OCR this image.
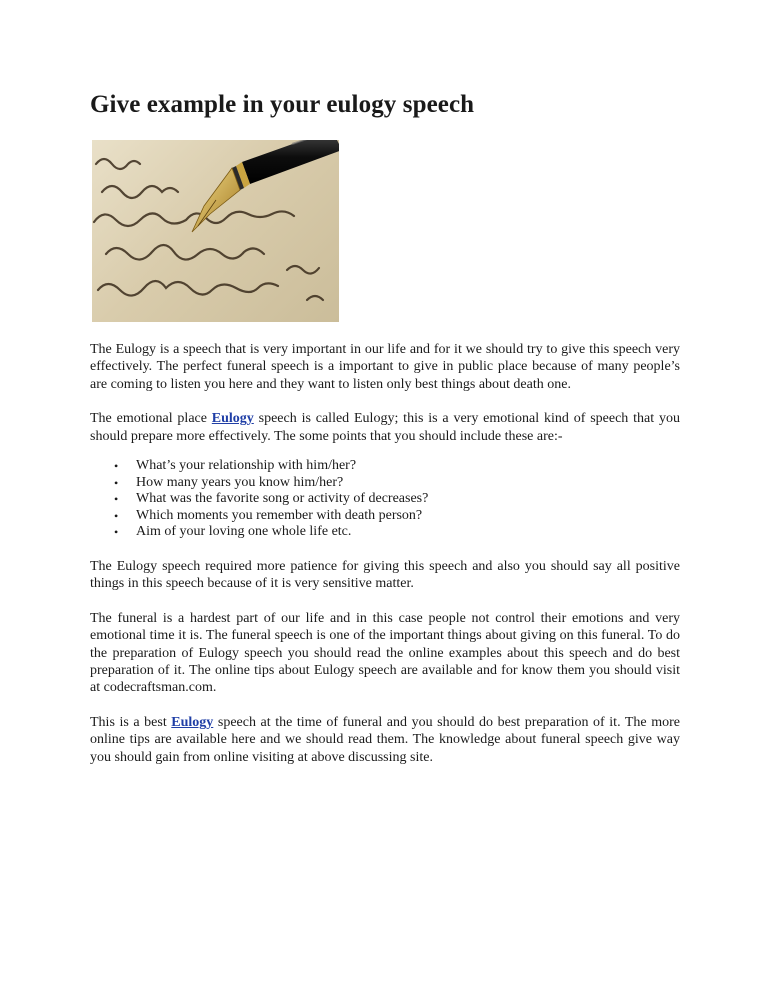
Give example in your eulogy speech

The Eulogy is a speech that is very important in our life and for it we should try to give this speech very effectively. The perfect funeral speech is a important to give in public place because of many people’s are coming to listen you here and they want to listen only best things about death one.

The emotional place Eulogy speech is called Eulogy; this is a very emotional kind of speech that you should prepare more effectively. The some points that you should include these are:-

• What’s your relationship with him/her?
• How many years you know him/her?
• What was the favorite song or activity of decreases?
• Which moments you remember with death person?
• Aim of your loving one whole life etc.

The Eulogy speech required more patience for giving this speech and also you should say all positive things in this speech because of it is very sensitive matter.

The funeral is a hardest part of our life and in this case people not control their emotions and very emotional time it is. The funeral speech is one of the important things about giving on this funeral. To do the preparation of Eulogy speech you should read the online examples about this speech and do best preparation of it. The online tips about Eulogy speech are available and for know them you should visit at codecraftsman.com.

This is a best Eulogy speech at the time of funeral and you should do best preparation of it. The more online tips are available here and we should read them. The knowledge about funeral speech give way you should gain from online visiting at above discussing site.
